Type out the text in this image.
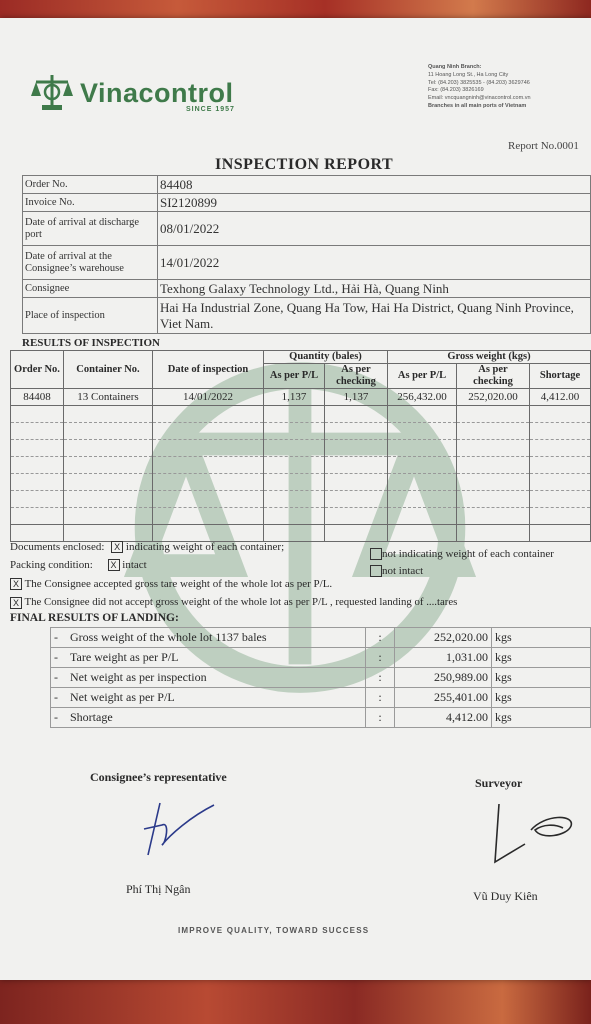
Vinacontrol
SINCE 1957
Quang Ninh Branch:
11 Hoang Long St., Ha Long City
Tel: (84.203) 3825535 - (84.203) 3629746
Fax: (84.203) 3826169
Email: vncquangninh@vinacontrol.com.vn
Branches in all main ports of Vietnam
Report No.0001
INSPECTION REPORT
Order No.	84408
Invoice No.	SI2120899
Date of arrival at discharge port	08/01/2022
Date of arrival at the Consignee’s warehouse	14/01/2022
Consignee	Texhong Galaxy Technology Ltd., Hải Hà, Quang Ninh
Place of inspection	Hai Ha Industrial Zone, Quang Ha Tow, Hai Ha District, Quang Ninh Province, Viet Nam.
RESULTS OF INSPECTION
Order No.	Container No.	Date of inspection	Quantity (bales)		Gross weight (kgs)		
			As per P/L	As per checking	As per P/L	As per checking	Shortage
84408	13 Containers	14/01/2022	1,137	1,137	256,432.00	252,020.00	4,412.00

Documents enclosed: X indicating weight of each container;
not indicating weight of each container
Packing condition: X intact	not intact
X The Consignee accepted gross tare weight of the whole lot as per P/L.
X The Consignee did not accept gross weight of the whole lot as per P/L , requested landing of ....tares
FINAL RESULTS OF LANDING:
-    Gross weight of the whole lot 1137 bales	:	252,020.00	kgs
-    Tare weight as per P/L	:	1,031.00	kgs
-    Net weight as per inspection	:	250,989.00	kgs
-    Net weight as per P/L	:	255,401.00	kgs
-    Shortage	:	4,412.00	kgs
Consignee’s representative
Phí Thị Ngân
Surveyor
Vũ Duy Kiên
IMPROVE QUALITY, TOWARD SUCCESS
